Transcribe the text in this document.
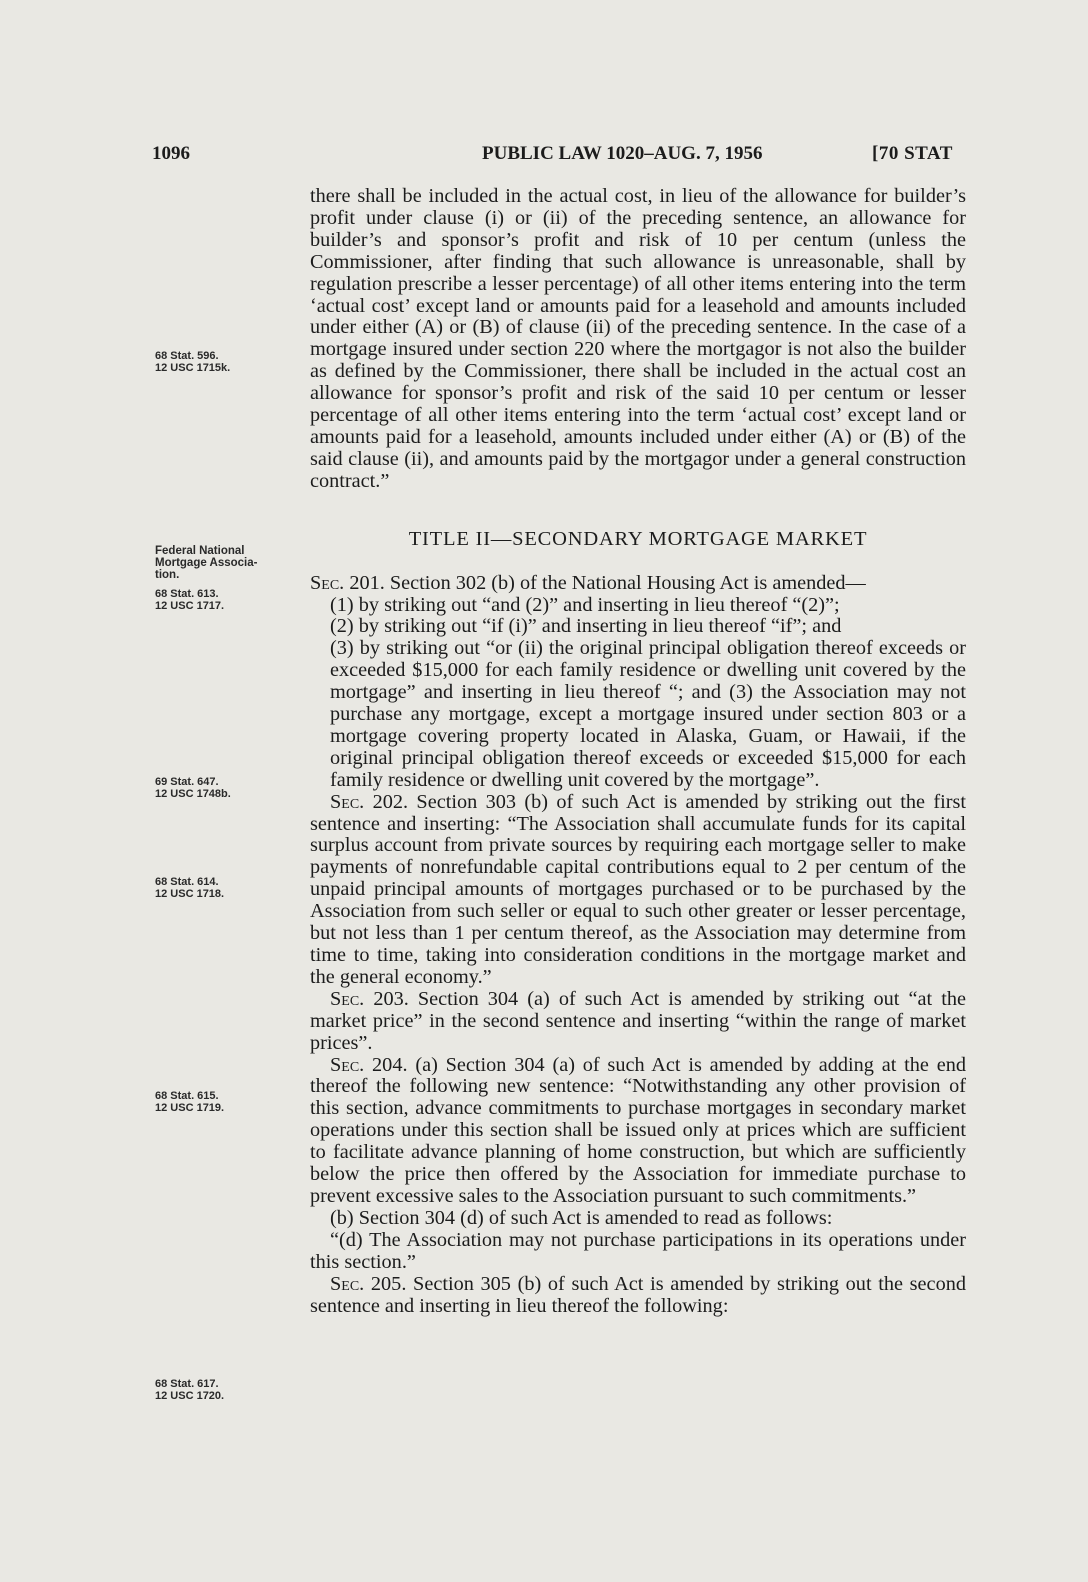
1096	PUBLIC LAW 1020–AUG. 7, 1956	[70 STAT
68 Stat. 596.
12 USC 1715k.
Federal National
Mortgage Associa-
tion.
68 Stat. 613.
12 USC 1717.
69 Stat. 647.
12 USC 1748b.
68 Stat. 614.
12 USC 1718.
68 Stat. 615.
12 USC 1719.
68 Stat. 617.
12 USC 1720.

there shall be included in the actual cost, in lieu of the allowance for builder’s profit under clause (i) or (ii) of the preceding sentence, an allowance for builder’s and sponsor’s profit and risk of 10 per centum (unless the Commissioner, after finding that such allowance is unreasonable, shall by regulation prescribe a lesser percentage) of all other items entering into the term ‘actual cost’ except land or amounts paid for a leasehold and amounts included under either (A) or (B) of clause (ii) of the preceding sentence. In the case of a mortgage insured under section 220 where the mortgagor is not also the builder as defined by the Commissioner, there shall be included in the actual cost an allowance for sponsor’s profit and risk of the said 10 per centum or lesser percentage of all other items entering into the term ‘actual cost’ except land or amounts paid for a leasehold, amounts included under either (A) or (B) of the said clause (ii), and amounts paid by the mortgagor under a general construction contract.”

TITLE II—SECONDARY MORTGAGE MARKET

Sec. 201. Section 302 (b) of the National Housing Act is amended—

(1) by striking out “and (2)” and inserting in lieu thereof “(2)”;

(2) by striking out “if (i)” and inserting in lieu thereof “if”; and

(3) by striking out “or (ii) the original principal obligation thereof exceeds or exceeded $15,000 for each family residence or dwelling unit covered by the mortgage” and inserting in lieu thereof “; and (3) the Association may not purchase any mortgage, except a mortgage insured under section 803 or a mortgage covering property located in Alaska, Guam, or Hawaii, if the original principal obligation thereof exceeds or exceeded $15,000 for each family residence or dwelling unit covered by the mortgage”.

Sec. 202. Section 303 (b) of such Act is amended by striking out the first sentence and inserting: “The Association shall accumulate funds for its capital surplus account from private sources by requiring each mortgage seller to make payments of nonrefundable capital contributions equal to 2 per centum of the unpaid principal amounts of mortgages purchased or to be purchased by the Association from such seller or equal to such other greater or lesser percentage, but not less than 1 per centum thereof, as the Association may determine from time to time, taking into consideration conditions in the mortgage market and the general economy.”

Sec. 203. Section 304 (a) of such Act is amended by striking out “at the market price” in the second sentence and inserting “within the range of market prices”.

Sec. 204. (a) Section 304 (a) of such Act is amended by adding at the end thereof the following new sentence: “Notwithstanding any other provision of this section, advance commitments to purchase mortgages in secondary market operations under this section shall be issued only at prices which are sufficient to facilitate advance planning of home construction, but which are sufficiently below the price then offered by the Association for immediate purchase to prevent excessive sales to the Association pursuant to such commitments.”

(b) Section 304 (d) of such Act is amended to read as follows:

“(d) The Association may not purchase participations in its operations under this section.”

Sec. 205. Section 305 (b) of such Act is amended by striking out the second sentence and inserting in lieu thereof the following:
